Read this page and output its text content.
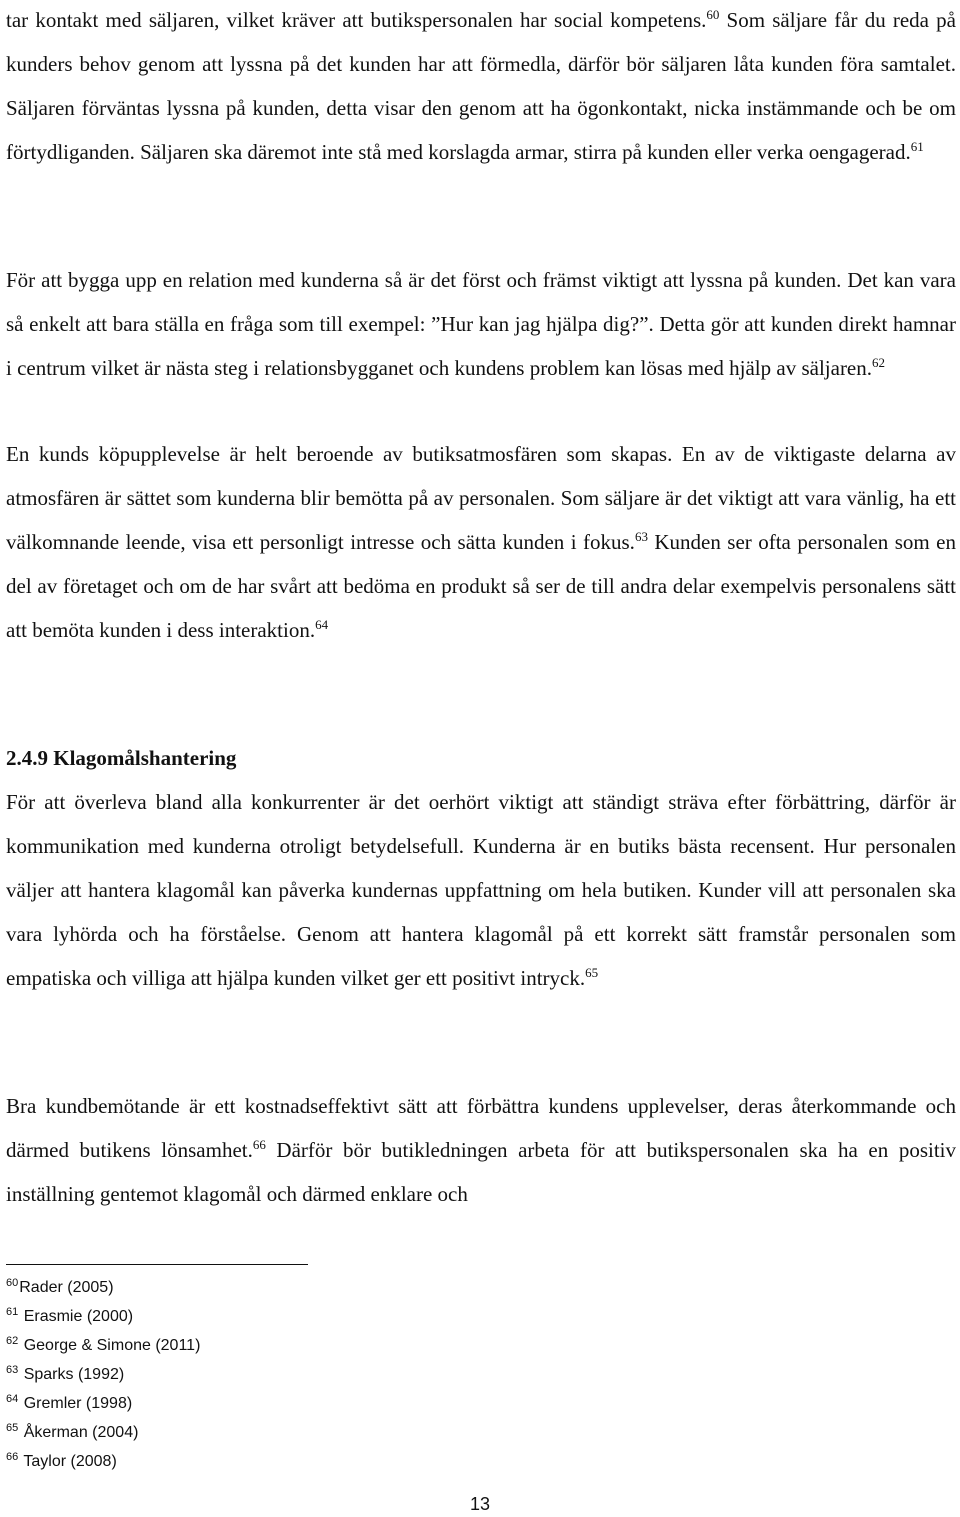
tar kontakt med säljaren, vilket kräver att butikspersonalen har social kompetens.$^{60}$ Som säljare får du reda på kunders behov genom att lyssna på det kunden har att förmedla, därför bör säljaren låta kunden föra samtalet. Säljaren förväntas lyssna på kunden, detta visar den genom att ha ögonkontakt, nicka instämmande och be om förtydliganden. Säljaren ska däremot inte stå med korslagda armar, stirra på kunden eller verka oengagerad.$^{61}$

För att bygga upp en relation med kunderna så är det först och främst viktigt att lyssna på kunden. Det kan vara så enkelt att bara ställa en fråga som till exempel: ”Hur kan jag hjälpa dig?”. Detta gör att kunden direkt hamnar i centrum vilket är nästa steg i relationsbygganet och kundens problem kan lösas med hjälp av säljaren.$^{62}$

En kunds köpupplevelse är helt beroende av butiksatmosfären som skapas. En av de viktigaste delarna av atmosfären är sättet som kunderna blir bemötta på av personalen. Som säljare är det viktigt att vara vänlig, ha ett välkomnande leende, visa ett personligt intresse och sätta kunden i fokus.$^{63}$ Kunden ser ofta personalen som en del av företaget och om de har svårt att bedöma en produkt så ser de till andra delar exempelvis personalens sätt att bemöta kunden i dess interaktion.$^{64}$

2.4.9 Klagomålshantering

För att överleva bland alla konkurrenter är det oerhört viktigt att ständigt sträva efter förbättring, därför är kommunikation med kunderna otroligt betydelsefull. Kunderna är en butiks bästa recensent. Hur personalen väljer att hantera klagomål kan påverka kundernas uppfattning om hela butiken. Kunder vill att personalen ska vara lyhörda och ha förståelse. Genom att hantera klagomål på ett korrekt sätt framstår personalen som empatiska och villiga att hjälpa kunden vilket ger ett positivt intryck.$^{65}$

Bra kundbemötande är ett kostnadseffektivt sätt att förbättra kundens upplevelser, deras återkommande och därmed butikens lönsamhet.$^{66}$ Därför bör butikledningen arbeta för att butikspersonalen ska ha en positiv inställning gentemot klagomål och därmed enklare och

$^{60}$Rader (2005)
$^{61}$ Erasmie (2000)
$^{62}$ George & Simone (2011)
$^{63}$ Sparks (1992)
$^{64}$ Gremler (1998)
$^{65}$ Åkerman (2004)
$^{66}$ Taylor (2008)
13
